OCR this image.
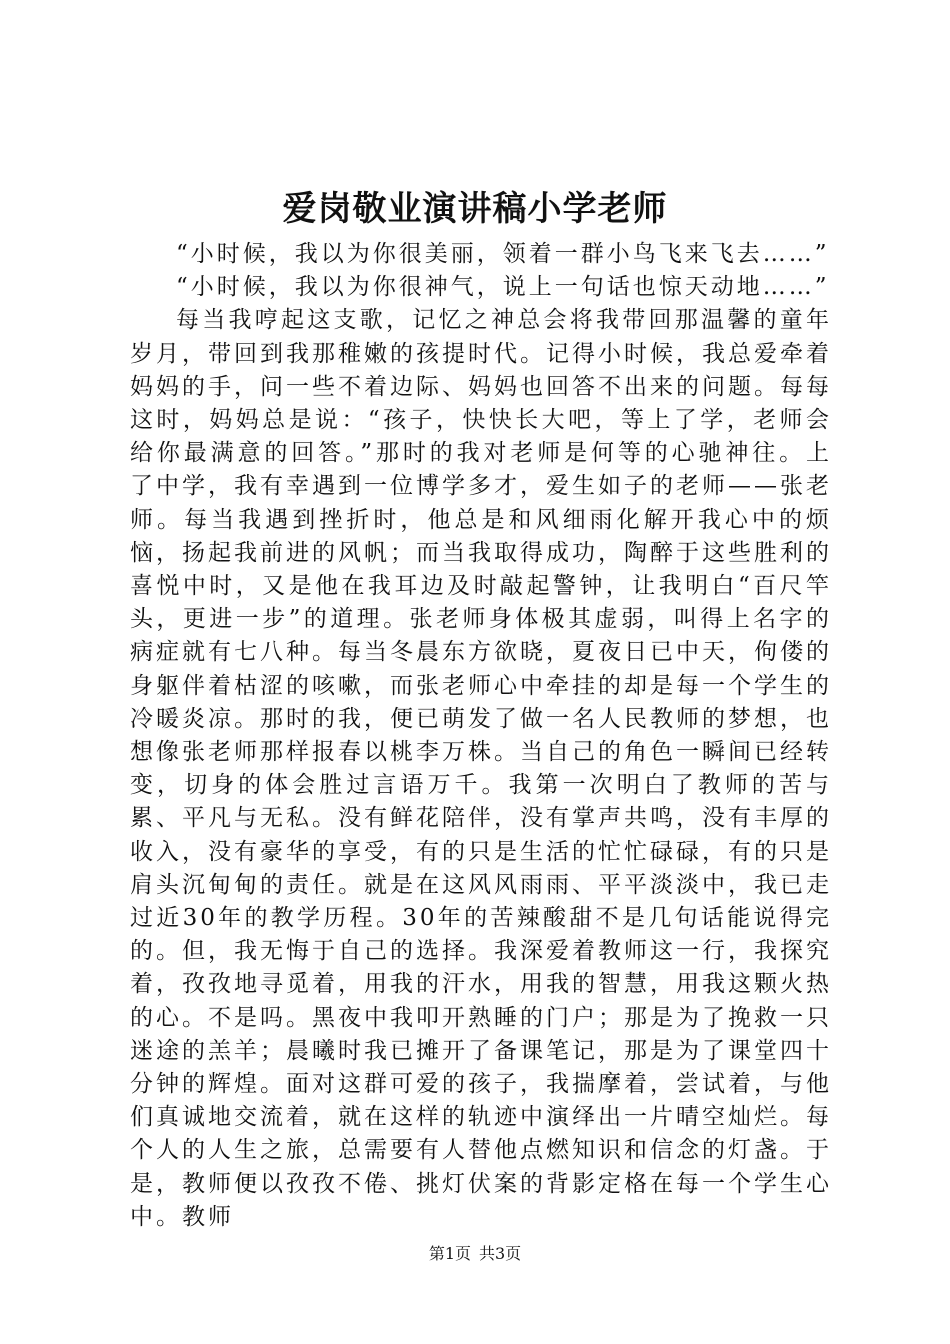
爱岗敬业演讲稿小学老师

“小时候，我以为你很美丽，领着一群小鸟飞来飞去……”

“小时候，我以为你很神气，说上一句话也惊天动地……”

每当我哼起这支歌，记忆之神总会将我带回那温馨的童年岁月，带回到我那稚嫩的孩提时代。记得小时候，我总爱牵着妈妈的手，问一些不着边际、妈妈也回答不出来的问题。每每这时，妈妈总是说：“孩子，快快长大吧，等上了学，老师会给你最满意的回答。”那时的我对老师是何等的心驰神往。上了中学，我有幸遇到一位博学多才，爱生如子的老师——张老师。每当我遇到挫折时，他总是和风细雨化解开我心中的烦恼，扬起我前进的风帆；而当我取得成功，陶醉于这些胜利的喜悦中时，又是他在我耳边及时敲起警钟，让我明白“百尺竿头，更进一步”的道理。张老师身体极其虚弱，叫得上名字的病症就有七八种。每当冬晨东方欲晓，夏夜日已中天，佝偻的身躯伴着枯涩的咳嗽，而张老师心中牵挂的却是每一个学生的冷暖炎凉。那时的我，便已萌发了做一名人民教师的梦想，也想像张老师那样报春以桃李万株。当自己的角色一瞬间已经转变，切身的体会胜过言语万千。我第一次明白了教师的苦与累、平凡与无私。没有鲜花陪伴，没有掌声共鸣，没有丰厚的收入，没有豪华的享受，有的只是生活的忙忙碌碌，有的只是肩头沉甸甸的责任。就是在这风风雨雨、平平淡淡中，我已走过近30年的教学历程。30年的苦辣酸甜不是几句话能说得完的。但，我无悔于自己的选择。我深爱着教师这一行，我探究着，孜孜地寻觅着，用我的汗水，用我的智慧，用我这颗火热的心。不是吗。黑夜中我叩开熟睡的门户；那是为了挽救一只迷途的羔羊；晨曦时我已摊开了备课笔记，那是为了课堂四十分钟的辉煌。面对这群可爱的孩子，我揣摩着，尝试着，与他们真诚地交流着，就在这样的轨迹中演绎出一片晴空灿烂。每个人的人生之旅，总需要有人替他点燃知识和信念的灯盏。于是，教师便以孜孜不倦、挑灯伏案的背影定格在每一个学生心中。教师

第1页 共3页
